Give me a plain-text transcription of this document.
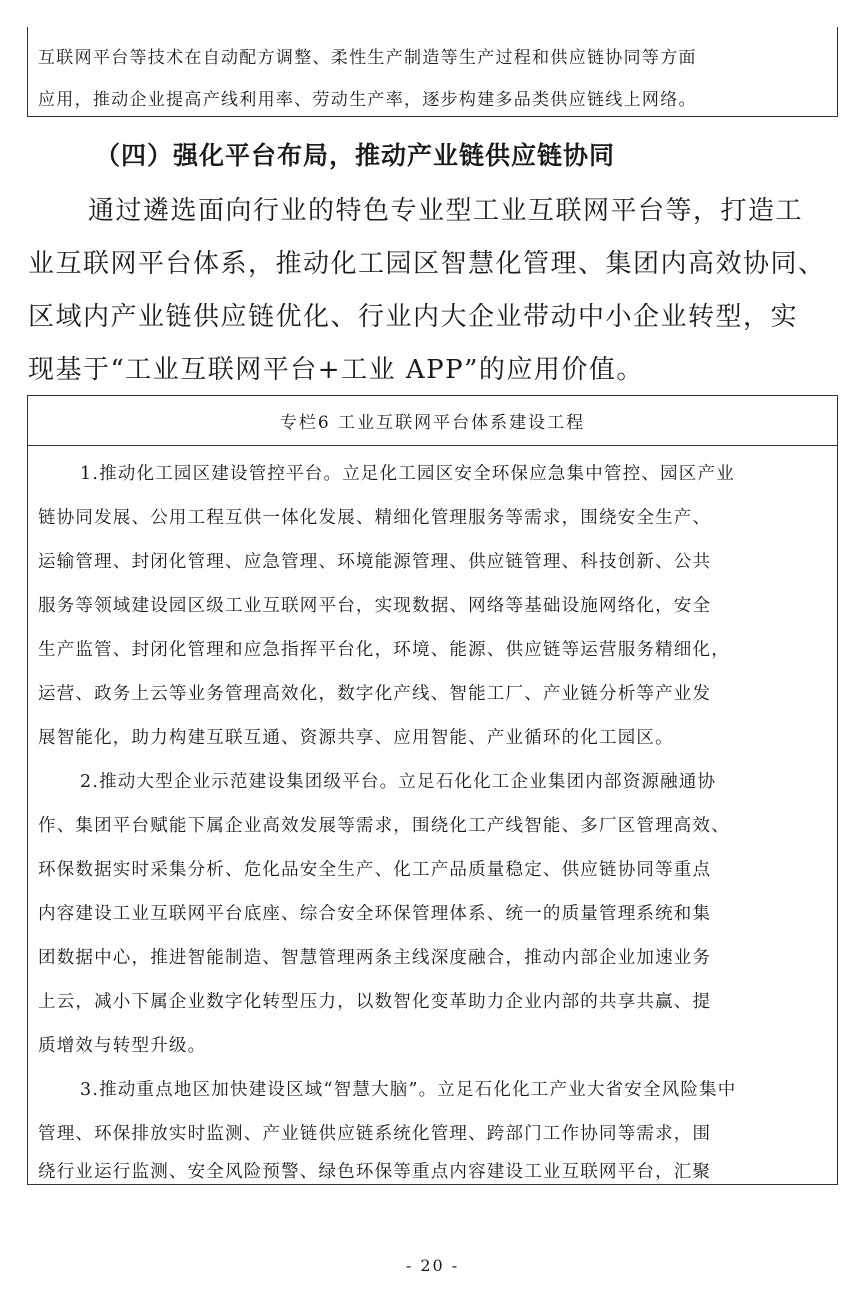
互联网平台等技术在自动配方调整、柔性生产制造等生产过程和供应链协同等方面

应用，推动企业提高产线利用率、劳动生产率，逐步构建多品类供应链线上网络。

（四）强化平台布局，推动产业链供应链协同

通过遴选面向行业的特色专业型工业互联网平台等，打造工

业互联网平台体系，推动化工园区智慧化管理、集团内高效协同、

区域内产业链供应链优化、行业内大企业带动中小企业转型，实

现基于“工业互联网平台+工业 APP”的应用价值。

专栏6 工业互联网平台体系建设工程

1.推动化工园区建设管控平台。立足化工园区安全环保应急集中管控、园区产业

链协同发展、公用工程互供一体化发展、精细化管理服务等需求，围绕安全生产、

运输管理、封闭化管理、应急管理、环境能源管理、供应链管理、科技创新、公共

服务等领域建设园区级工业互联网平台，实现数据、网络等基础设施网络化，安全

生产监管、封闭化管理和应急指挥平台化，环境、能源、供应链等运营服务精细化，

运营、政务上云等业务管理高效化，数字化产线、智能工厂、产业链分析等产业发

展智能化，助力构建互联互通、资源共享、应用智能、产业循环的化工园区。

2.推动大型企业示范建设集团级平台。立足石化化工企业集团内部资源融通协

作、集团平台赋能下属企业高效发展等需求，围绕化工产线智能、多厂区管理高效、

环保数据实时采集分析、危化品安全生产、化工产品质量稳定、供应链协同等重点

内容建设工业互联网平台底座、综合安全环保管理体系、统一的质量管理系统和集

团数据中心，推进智能制造、智慧管理两条主线深度融合，推动内部企业加速业务

上云，减小下属企业数字化转型压力，以数智化变革助力企业内部的共享共赢、提

质增效与转型升级。

3.推动重点地区加快建设区域“智慧大脑”。立足石化化工产业大省安全风险集中

管理、环保排放实时监测、产业链供应链系统化管理、跨部门工作协同等需求，围

绕行业运行监测、安全风险预警、绿色环保等重点内容建设工业互联网平台，汇聚

- 20 -
